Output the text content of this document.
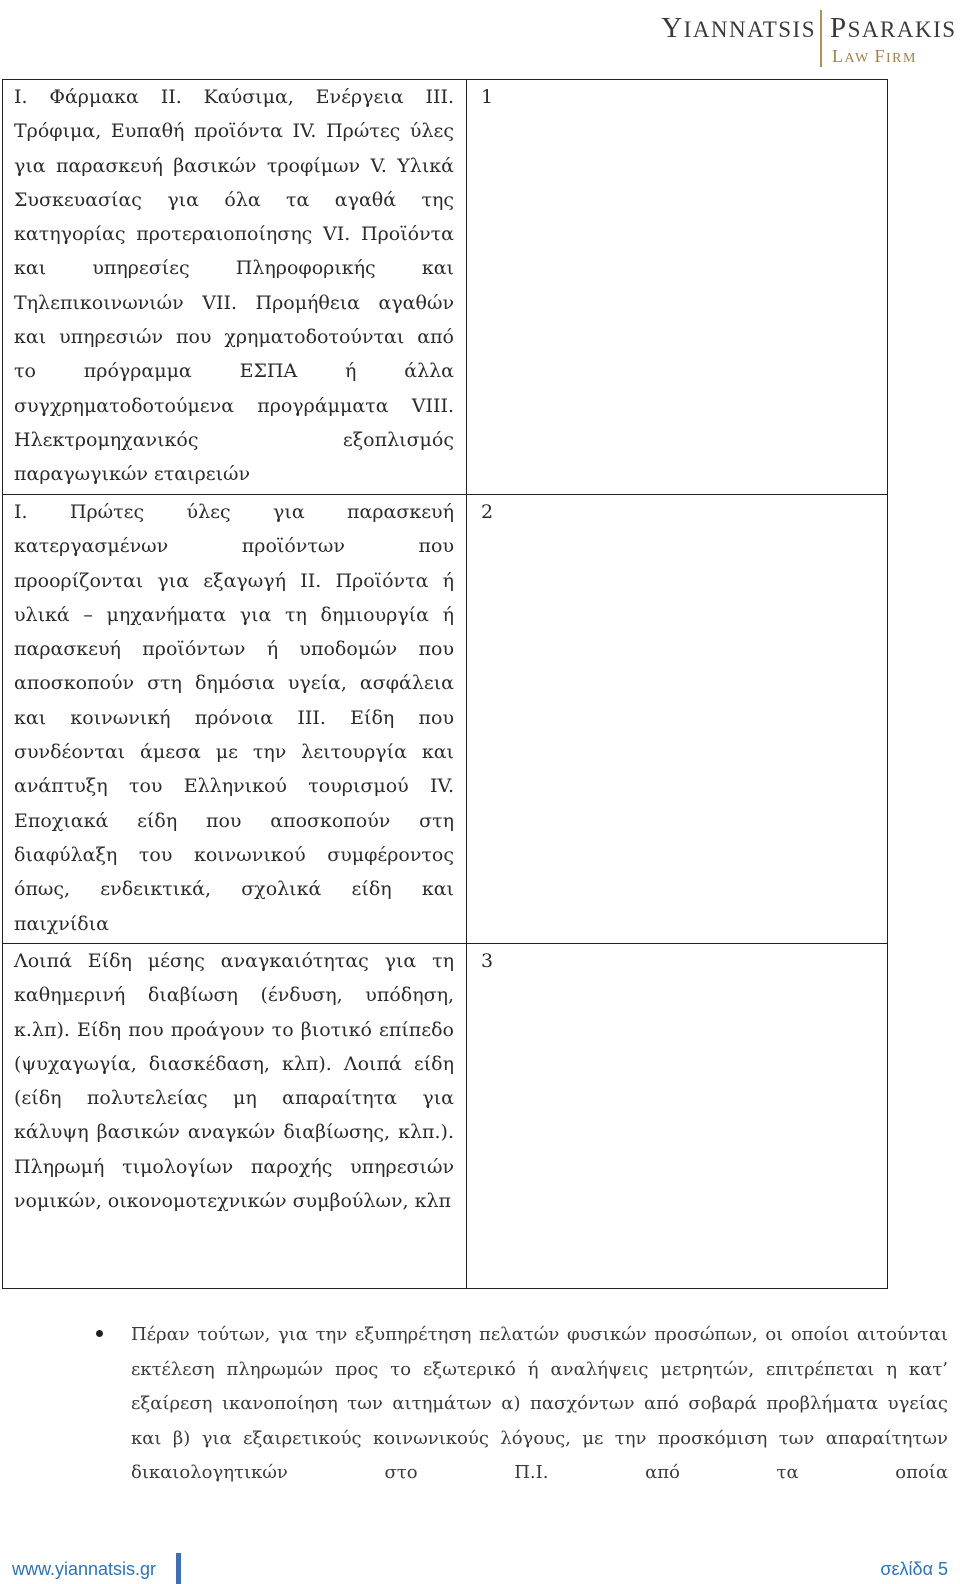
YIANNATSIS PSARAKIS
LAW FIRM
I. Φάρμακα II. Καύσιμα, Ενέργεια III. Τρόφιμα, Ευπαθή προϊόντα IV. Πρώτες ύλες για παρασκευή βασικών τροφίμων V. Υλικά Συσκευασίας για όλα τα αγαθά της κατηγορίας προτεραιοποίησης VI. Προϊόντα και υπηρεσίες Πληροφορικής και Τηλεπικοινωνιών VII. Προμήθεια αγαθών και υπηρεσιών που χρηματοδοτούνται από το πρόγραμμα ΕΣΠΑ ή άλλα συγχρηματοδοτούμενα προγράμματα VIII. Ηλεκτρομηχανικός εξοπλισμός παραγωγικών εταιρειών	1
I. Πρώτες ύλες για παρασκευή κατεργασμένων προϊόντων που προορίζονται για εξαγωγή II. Προϊόντα ή υλικά – μηχανήματα για τη δημιουργία ή παρασκευή προϊόντων ή υποδομών που αποσκοπούν στη δημόσια υγεία, ασφάλεια και κοινωνική πρόνοια III. Είδη που συνδέονται άμεσα με την λειτουργία και ανάπτυξη του Ελληνικού τουρισμού IV. Εποχιακά είδη που αποσκοπούν στη διαφύλαξη του κοινωνικού συμφέροντος όπως, ενδεικτικά, σχολικά είδη και παιχνίδια	2
Λοιπά Είδη μέσης αναγκαιότητας για τη καθημερινή διαβίωση (ένδυση, υπόδηση, κ.λπ). Είδη που προάγουν το βιοτικό επίπεδο (ψυχαγωγία, διασκέδαση, κλπ). Λοιπά είδη (είδη πολυτελείας μη απαραίτητα για κάλυψη βασικών αναγκών διαβίωσης, κλπ.). Πληρωμή τιμολογίων παροχής υπηρεσιών νομικών, οικονομοτεχνικών συμβούλων, κλπ	3
Πέραν τούτων, για την εξυπηρέτηση πελατών φυσικών προσώπων, οι οποίοι αιτούνται εκτέλεση πληρωμών προς το εξωτερικό ή αναλήψεις μετρητών, επιτρέπεται η κατ’ εξαίρεση ικανοποίηση των αιτημάτων α) πασχόντων από σοβαρά προβλήματα υγείας και β) για εξαιρετικούς κοινωνικούς λόγους, με την προσκόμιση των απαραίτητων δικαιολογητικών στο Π.Ι. από τα οποία
www.yiannatsis.gr	σελίδα 5
